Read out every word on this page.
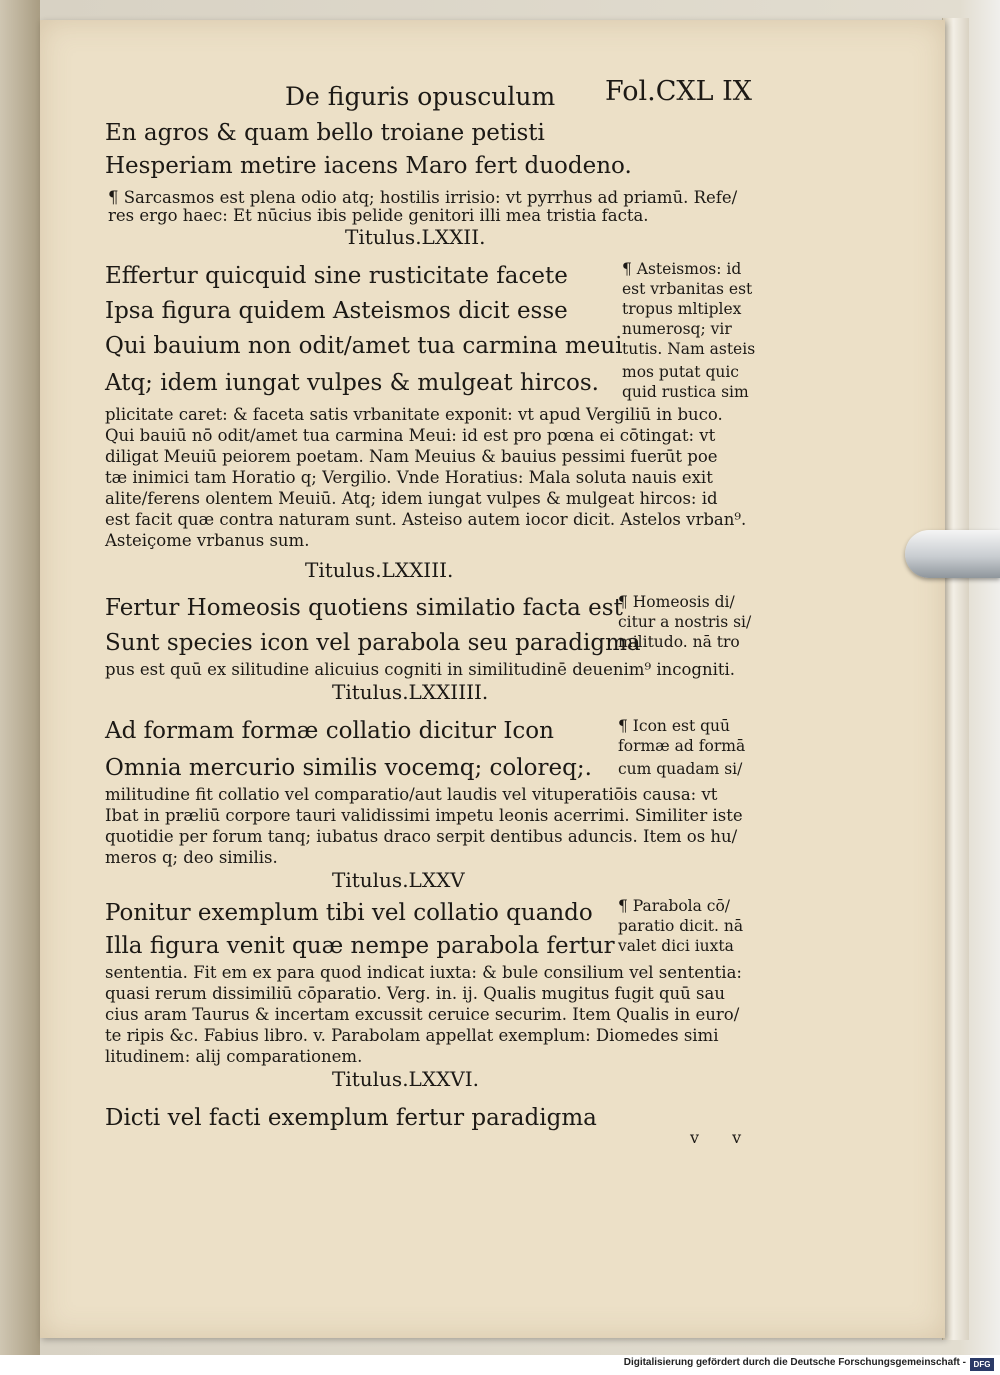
De figuris opusculum Fol.CXL IX
En agros & quam bello troiane petisti
Hesperiam metire iacens Maro fert duodeno.
¶ Sarcasmos est plena odio atq; hostilis irrisio: vt pyrrhus ad priamū. Refe/
res ergo haec: Et nūcius ibis pelide genitori illi mea tristia facta.
Titulus.LXXII.
Effertur quicquid sine rusticitate facete
Ipsa figura quidem Asteismos dicit esse
Qui bauium non odit/amet tua carmina meui
Atq; idem iungat vulpes & mulgeat hircos.
¶ Asteismos: id
est vrbanitas est
tropus mltiplex
numerosq; vir
tutis. Nam asteis
mos putat quic
quid rustica sim
plicitate caret: & faceta satis vrbanitate exponit: vt apud Vergiliū in buco.
Qui bauiū nō odit/amet tua carmina Meui: id est pro pœna ei cōtingat: vt
diligat Meuiū peiorem poetam. Nam Meuius & bauius pessimi fuerūt poe
tæ inimici tam Horatio q; Vergilio. Vnde Horatius: Mala soluta nauis exit
alite/ferens olentem Meuiū. Atq; idem iungat vulpes & mulgeat hircos: id
est facit quæ contra naturam sunt. Asteiso autem iocor dicit. Astelos vrban⁹.
Asteiçome vrbanus sum.
Titulus.LXXIII.
Fertur Homeosis quotiens similatio facta est
Sunt species icon vel parabola seu paradigma
¶ Homeosis di/
citur a nostris si/
militudo. nā tro
pus est quū ex silitudine alicuius cogniti in similitudinē deuenim⁹ incogniti.
Titulus.LXXIIII.
Ad formam formæ collatio dicitur Icon
Omnia mercurio similis vocemq; coloreq;.
¶ Icon est quū
formæ ad formā
cum quadam si/
militudine fit collatio vel comparatio/aut laudis vel vituperatiōis causa: vt
Ibat in præliū corpore tauri validissimi impetu leonis acerrimi. Similiter iste
quotidie per forum tanq; iubatus draco serpit dentibus aduncis. Item os hu/
meros q; deo similis.
Titulus.LXXV
Ponitur exemplum tibi vel collatio quando
Illa figura venit quæ nempe parabola fertur
¶ Parabola cō/
paratio dicit. nā
valet dici iuxta
sententia. Fit em ex para quod indicat iuxta: & bule consilium vel sententia:
quasi rerum dissimiliū cōparatio. Verg. in. ij. Qualis mugitus fugit quū sau
cius aram Taurus & incertam excussit ceruice securim. Item Qualis in euro/
te ripis &c. Fabius libro. v. Parabolam appellat exemplum: Diomedes simi
litudinem: alij comparationem.
Titulus.LXXVI.
Dicti vel facti exemplum fertur paradigma
v v
Digitalisierung gefördert durch die Deutsche Forschungsgemeinschaft - DFG
